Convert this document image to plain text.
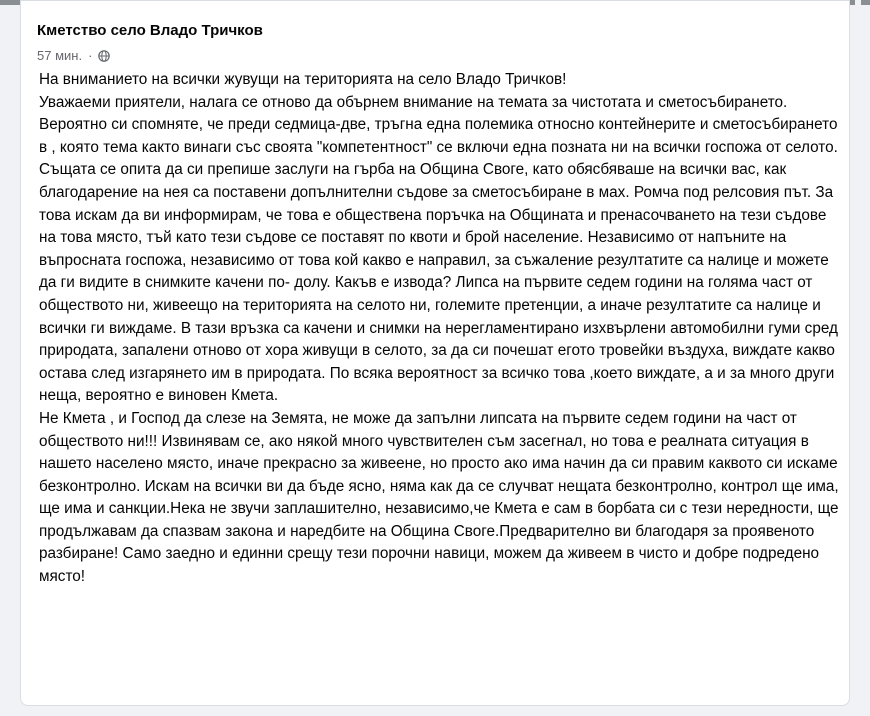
Кметство село Владо Тричков

57 мин. ·

На вниманието на всички жувущи на територията на село Владо Тричков!
Уважаеми приятели, налага се отново да обърнем внимание на темата за чистотата и сметосъбирането. Вероятно си спомняте, че преди седмица-две, тръгна една полемика относно контейнерите и сметосъбирането в , която тема както винаги със своята "компетентност" се включи една позната ни на всички госпожа от селото. Същата се опита да си препише заслуги на гърба на Община Своге, като обясбяваше на всички вас, как благодарение на нея са поставени допълнителни съдове за сметосъбиране в мах. Ромча под релсовия път. За това искам да ви информирам, че това е обществена поръчка на Общината и пренасочването на тези съдове на това място, тъй като тези съдове се поставят по квоти и брой население. Независимо от напъните на въпросната госпожа, независимо от това кой какво е направил, за съжаление резултатите са налице и можете да ги видите в снимките качени по- долу. Какъв е извода? Липса на първите седем години на голяма част от обществото ни, живеещо на територията на селото ни, големите претенции, а иначе резултатите са налице и всички ги виждаме. В тази връзка са качени и снимки на нерегламентирано изхвърлени автомобилни гуми сред природата, запалени отново от хора живущи в селото, за да си почешат егото тровейки въздуха, виждате какво остава след изгарянето им в природата. По всяка вероятност за всичко това ,което виждате, а и за много други неща, вероятно е виновен Кмета.
Не Кмета , и Господ да слезе на Земята, не може да запълни липсата на първите седем години на част от обществото ни!!! Извинявам се, ако някой много чувствителен съм засегнал, но това е реалната ситуация в нашето населено място, иначе прекрасно за живеене, но просто ако има начин да си правим каквото си искаме безконтролно. Искам на всички ви да бъде ясно, няма как да се случват нещата безконтролно, контрол ще има, ще има и санкции.Нека не звучи заплашително, независимо,че Кмета е сам в борбата си с тези нередности, ще продължавам да спазвам закона и наредбите на Община Своге.Предварително ви благодаря за проявеното разбиране! Само заедно и единни срещу тези порочни навици, можем да живеем в чисто и добре подредено място!
